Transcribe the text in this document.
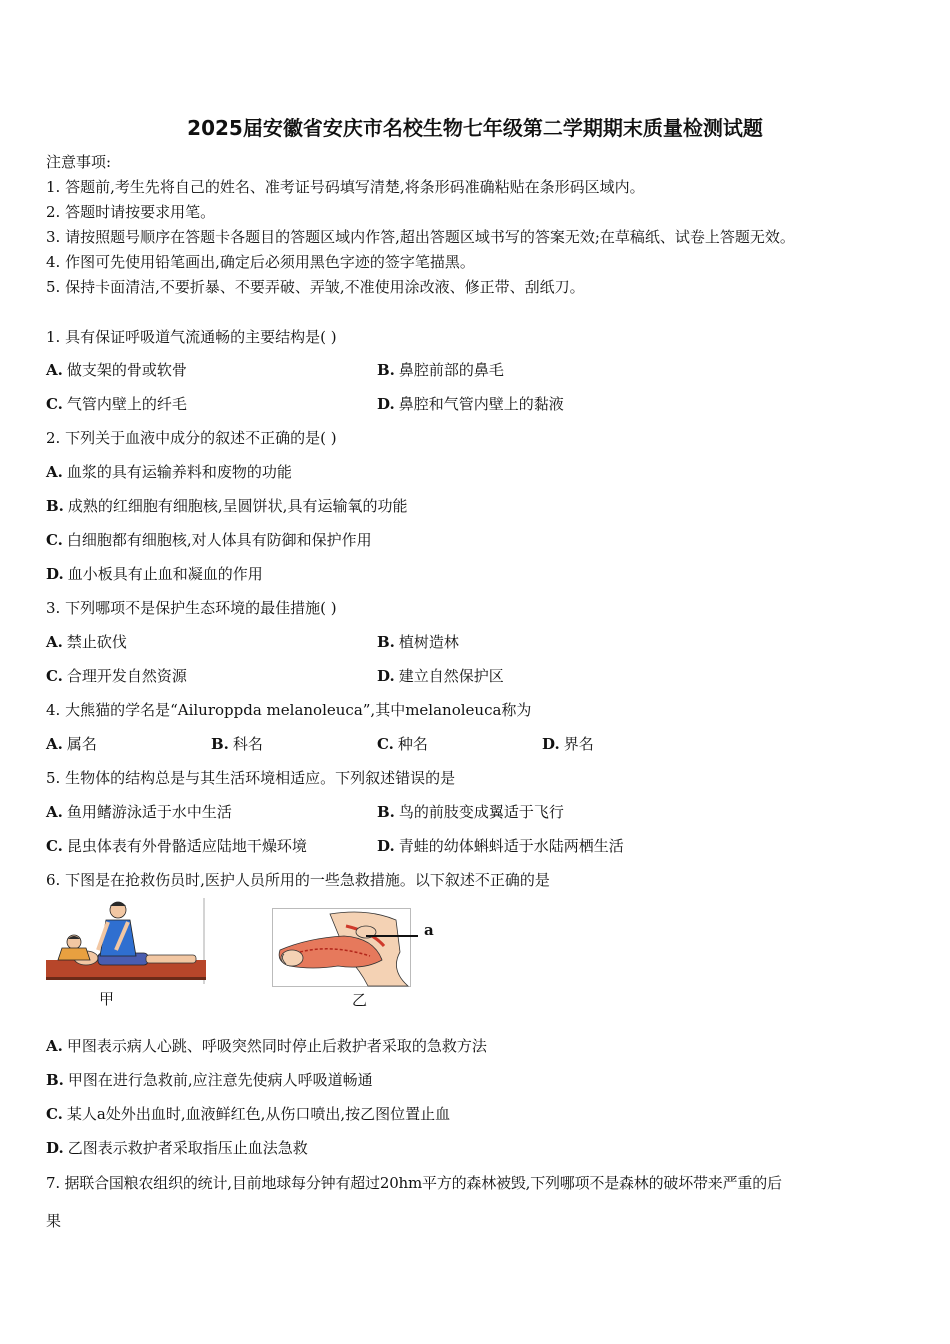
2025届安徽省安庆市名校生物七年级第二学期期末质量检测试题
注意事项:
1. 答题前,考生先将自己的姓名、准考证号码填写清楚,将条形码准确粘贴在条形码区域内。
2. 答题时请按要求用笔。
3. 请按照题号顺序在答题卡各题目的答题区域内作答,超出答题区域书写的答案无效;在草稿纸、试卷上答题无效。
4. 作图可先使用铅笔画出,确定后必须用黑色字迹的签字笔描黑。
5. 保持卡面清洁,不要折暴、不要弄破、弄皱,不准使用涂改液、修正带、刮纸刀。
1. 具有保证呼吸道气流通畅的主要结构是( )
A. 做支架的骨或软骨	B. 鼻腔前部的鼻毛
C. 气管内壁上的纤毛	D. 鼻腔和气管内壁上的黏液
2. 下列关于血液中成分的叙述不正确的是( )
A. 血浆的具有运输养料和废物的功能
B. 成熟的红细胞有细胞核,呈圆饼状,具有运输氧的功能
C. 白细胞都有细胞核,对人体具有防御和保护作用
D. 血小板具有止血和凝血的作用
3. 下列哪项不是保护生态环境的最佳措施( )
A. 禁止砍伐	B. 植树造林
C. 合理开发自然资源	D. 建立自然保护区
4. 大熊猫的学名是“Ailuroppda melanoleuca”,其中melanoleuca称为
A. 属名	B. 科名	C. 种名	D. 界名
5. 生物体的结构总是与其生活环境相适应。下列叙述错误的是
A. 鱼用鳍游泳适于水中生活	B. 鸟的前肢变成翼适于飞行
C. 昆虫体表有外骨骼适应陆地干燥环境	D. 青蛙的幼体蝌蚪适于水陆两栖生活
6. 下图是在抢救伤员时,医护人员所用的一些急救措施。以下叙述不正确的是
甲
a
乙
A. 甲图表示病人心跳、呼吸突然同时停止后救护者采取的急救方法
B. 甲图在进行急救前,应注意先使病人呼吸道畅通
C. 某人a处外出血时,血液鲜红色,从伤口喷出,按乙图位置止血
D. 乙图表示救护者采取指压止血法急救
7. 据联合国粮农组织的统计,目前地球每分钟有超过20hm平方的森林被毁,下列哪项不是森林的破坏带来严重的后
果
